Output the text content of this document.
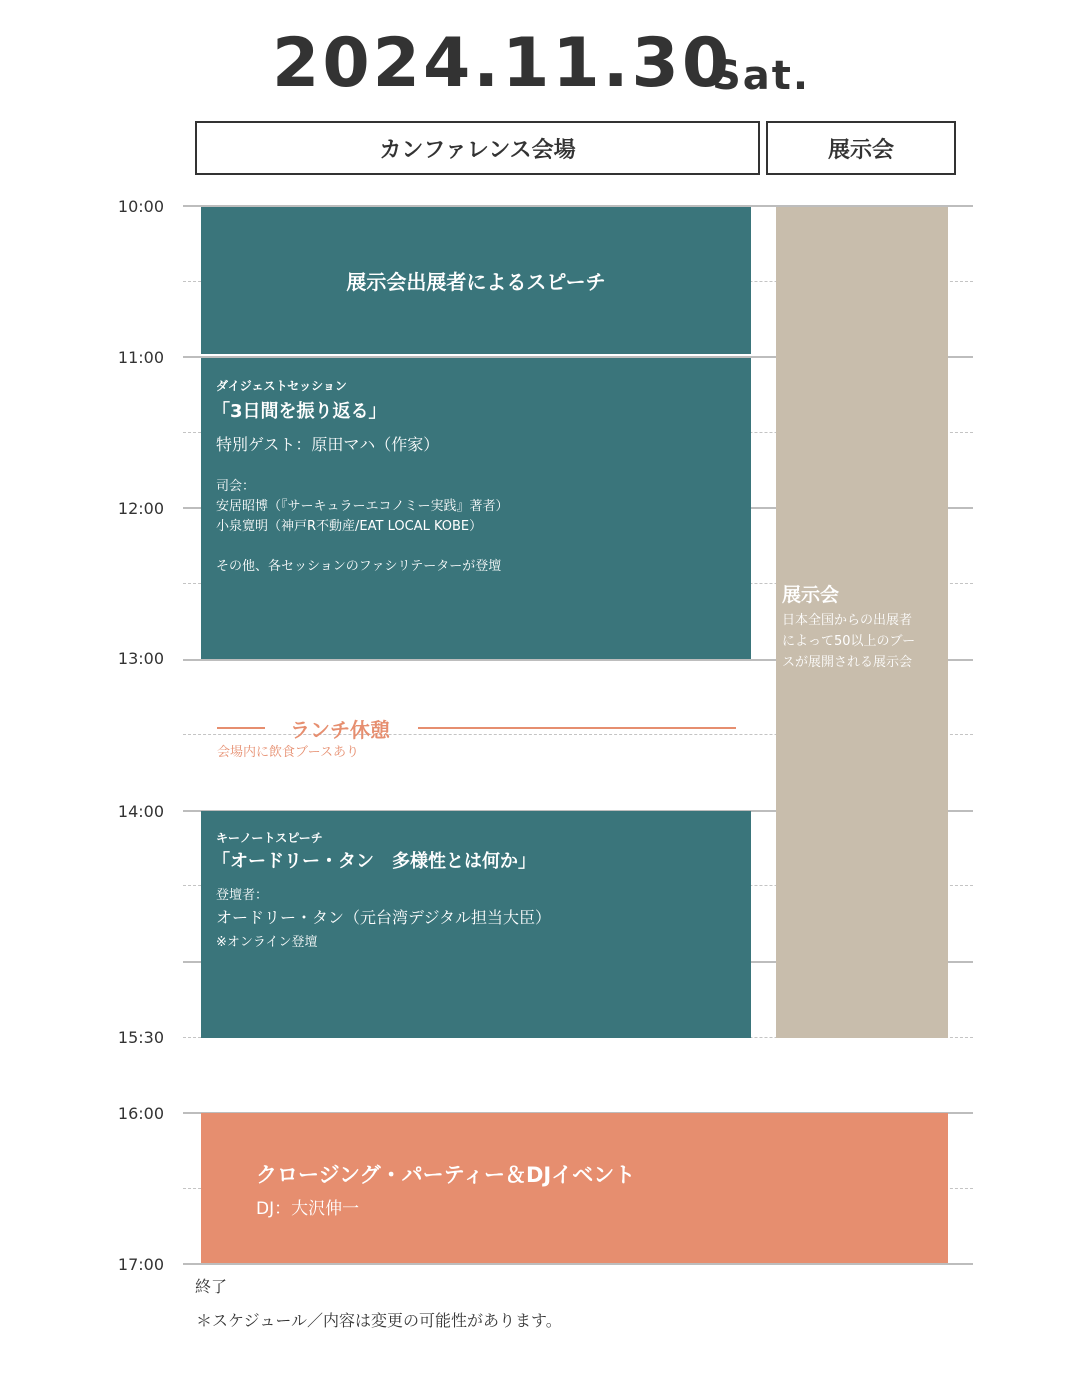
2024.11.30
Sat.
カンファレンス会場	展示会
10:00
11:00
12:00
13:00
14:00
15:30
16:00
17:00
展示会
日本全国からの出展者
によって50以上のブー
スが展開される展示会
展示会出展者によるスピーチ
ダイジェストセッション
「3日間を振り返る」
特別ゲスト：原田マハ（作家）
司会：
安居昭博（『サーキュラーエコノミー実践』著者）
小泉寛明（神戸R不動産/EAT LOCAL KOBE）
その他、各セッションのファシリテーターが登壇
ランチ休憩
会場内に飲食ブースあり
キーノートスピーチ
「オードリー・タン　多様性とは何か」
登壇者：
オードリー・タン（元台湾デジタル担当大臣）
※オンライン登壇
クロージング・パーティー＆DJイベント
DJ：大沢伸一
終了
＊スケジュール／内容は変更の可能性があります。
